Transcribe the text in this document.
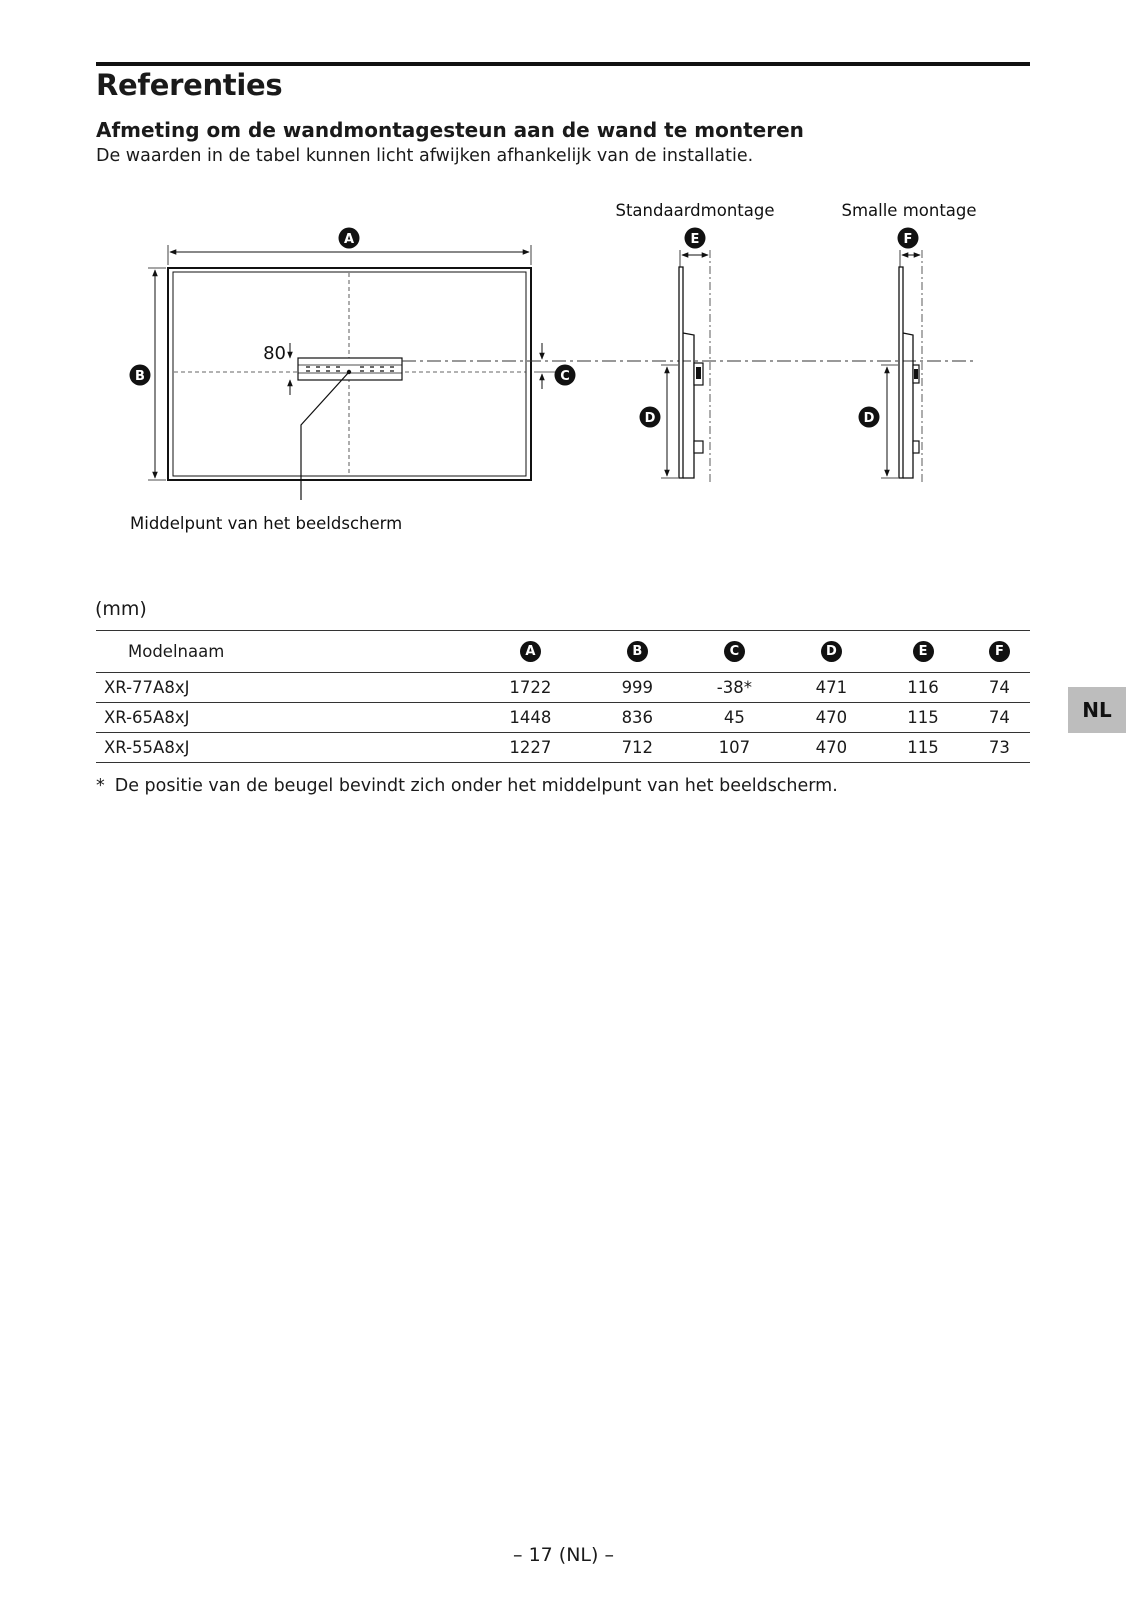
Referenties
Afmeting om de wandmontagesteun aan de wand te monteren

De waarden in de tabel kunnen licht afwijken afhankelijk van de installatie.

80
Middelpunt van het beeldscherm
A
B	C
Standaardmontage
E
D
Smalle montage
F
D
(mm)
Modelnaam	A	B	C	D	E	F
XR-77A8xJ	1722	999	-38*	471	116	74
XR-65A8xJ	1448	836	45	470	115	74
XR-55A8xJ	1227	712	107	470	115	73

* De positie van de beugel bevindt zich onder het middelpunt van het beeldscherm.

NL
– 17 (NL) –
